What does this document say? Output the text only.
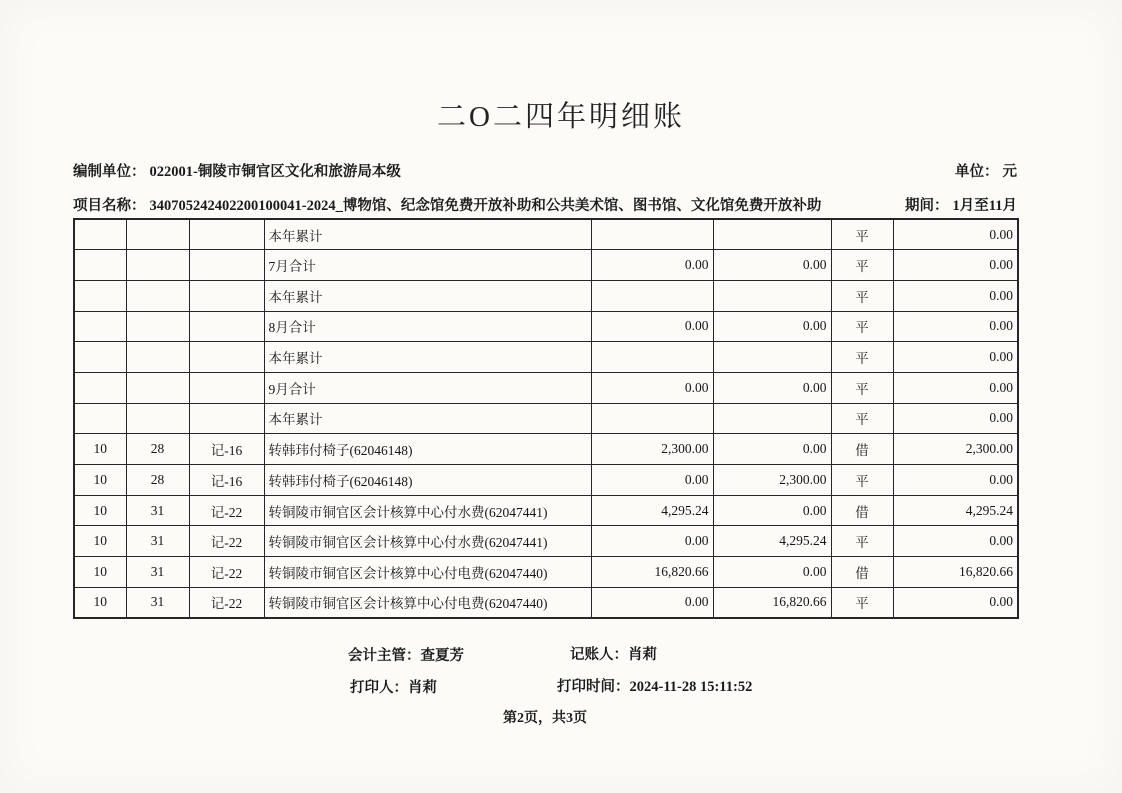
二O二四年明细账
编制单位： 022001-铜陵市铜官区文化和旅游局本级	单位： 元
项目名称： 340705242402200100041-2024_博物馆、纪念馆免费开放补助和公共美术馆、图书馆、文化馆免费开放补助	期间： 1月至11月
			本年累计			平	0.00
			7月合计	0.00	0.00	平	0.00
			本年累计			平	0.00
			8月合计	0.00	0.00	平	0.00
			本年累计			平	0.00
			9月合计	0.00	0.00	平	0.00
			本年累计			平	0.00
10	28	记-16	转韩玮付椅子(62046148)	2,300.00	0.00	借	2,300.00
10	28	记-16	转韩玮付椅子(62046148)	0.00	2,300.00	平	0.00
10	31	记-22	转铜陵市铜官区会计核算中心付水费(62047441)	4,295.24	0.00	借	4,295.24
10	31	记-22	转铜陵市铜官区会计核算中心付水费(62047441)	0.00	4,295.24	平	0.00
10	31	记-22	转铜陵市铜官区会计核算中心付电费(62047440)	16,820.66	0.00	借	16,820.66
10	31	记-22	转铜陵市铜官区会计核算中心付电费(62047440)	0.00	16,820.66	平	0.00
会计主管：查夏芳	记账人：肖莉
打印人：肖莉	打印时间：2024-11-28 15:11:52
第2页，共3页
